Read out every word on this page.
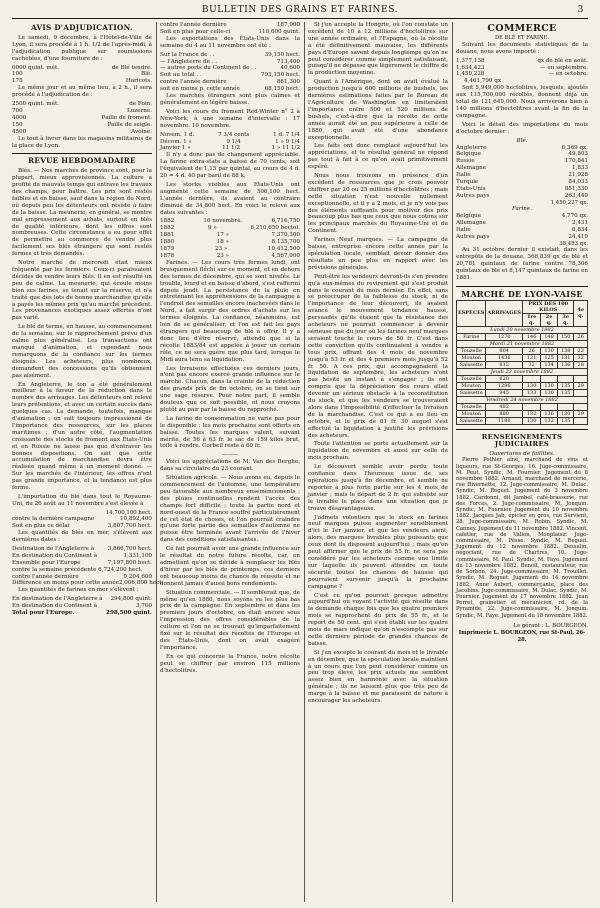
BULLETIN DES GRAINS ET FARINES.	3
AVIS D'ADJUDICATION.

Le samedi, 9 décembre, à l'Hôtel-de-Ville de Lyon, il sera procédé à 1 h. 1/2 de l'après-midi, à l'adjudication publique sur soumissions cachetées, d'une fourniture de :

6000 quint. mét.	de Blé tendre.
100	Blé.
175	Haricots.

Le même jour et au même lieu, à 2 h., il sera procédé à l'adjudication de :

2500 quint. mét.	de Foin.
700	Luzerne.
4000	Paille de froment.
150	Paille de seigle.
4500	Avoine.

Le tout à livrer dans les magasins militaires de la place de Lyon.

REVUE HEBDOMADAIRE

Blés. — Nos marchés de province sont, pour la plupart, mieux approvisionnés. La culture a profité du mauvais temps qui entrave les travaux des champs, pour battre. Les prix sont restés faibles et en baisse, sauf dans la région du Nord, où depuis peu les détenteurs ont résisté à faire de la baisse. La meunerie, en général, se montre mal empressement aux achats, surtout en blés de qualité inférieure, dont les offres sont nombreuses. Cette circonstance a eu pour effet de permettre au commerce de vendre plus facilement ses blés étrangers qui sont restés fermes et très demandés.

Notre marché de mercredi était mieux fréquenté par les fermiers. Ceux-ci paraissaient décidés de vendre leurs blés. Il en est résulté un peu de calme. La meunerie, qui écoule moins bien ses farines, se tenait sur la réserve, et n'a traité que des lots de bonne marchandise qu'elle a payés les mêmes prix qu'au marché précédent. Les provenances exotiques assez offertes n'ont pas varié.

Le blé de terme, en hausse, au commencement de la semaine, sur le rapprochement prévu d'un calme plus généralisé. Les transactions ont manqué d'animation, et cependant nous remarquons de la confiance sur les termes éloignés. Les acheteurs, plus nombreux, demandent des concessions qu'ils obtiennent pas aisément.

En Angleterre, le ton a été généralement meilleur à la faveur de la réduction dans le nombre des arrivages. Les détenteurs ont relevé leurs prétentions, et avec un certain succès dans quelques cas. La demande, toutefois, manque d'animation ; on sait toujours impressionné de l'importance des ressources, sur les places maritimes ; d'un autre côté, l'augmentation croissante des stocks de froment aux Etats-Unis et en Russie ne laisse pas que d'entraver les bonnes dispositions. On sait que cette accumulation de marchandise devra être réalisée quand même à un moment donné. — Sur les marchés de l'intérieur, les offres n'ont pas grande importance, et la tendance est plus ferme.

L'importation du blé dans tout le Royaume-Uni, du 26 août au 11 novembre s'est élevée à

14,700,100 hect.
contre la dernière campagne	10,892,400
Soit en plus ce délai	3,807,700 hect.

Les quantités de blés en mer, s'élèvent aux dernières dates :

Destination de l'Angleterre à 3,866,700 hect.
En destination du Continent à	1,331,100
Ensemble pour l'Europe	7,197,800 hect.
contre la semaine précédente 6,724,200 hect.
contre l'année dernière	9,204,600
Différence en moins pour cette année 2,006,800 hect.

Les quantités de farines en mer s'élèvent :

En destination de l'Angleterre à 294,800 quint.
En destination du Continent à	3,700
Total pour l'Europe.	298,500 quint.
contre l'année dernière	187,900
Soit en plus pour celle-ci	110,600 quint.

Les exportations des États-Unis dans la semaine du 4 au 11 novembre ont été :

Sur la France de . .	39,150 hect.
— l'Angleterre de . .	713,400
— autres ports du Continent de . .	40,600
Soit au total . .	793,150 hect.
contre l'année dernière	861,300
soit en moins p. cette année	68,150 hect.

Les marchés étrangers sont plus calmes et généralement en légère baisse.

Voici les cours du froment Red-Winter n° 2 à New-York, à une semaine d'intervalle : 17 novembre. 10 novembre.

Novem. 1 d.	7 3/4 cents	1 d. 7 1/4
Décem. 1 »	9 1/4	1 » 9 1/4
Janvier 1 »	11 1/2	1 » 11 1/2

Il n'y a donc pas de changement appréciable. La farine extra-state a baissé de 70 cents, soit l'équivalent de 1,15 par quintal, au cours de 4 d. 20 = 4 d. 40 par baril de 88 k.

Les stocks visibles aux Etats-Unis ont augmenté cette semaine de 506,100 hect. L'année dernière, ils avaient au contraire diminué de 34,800 hect. En voici le relevé aux dates suivantes :

1882	16 novembre.	6,716,750
1882	9 »	6,210,650 hectol.
1881	17 »	7,370,300
1880	18 »	8,135,700
1879	23 »	10,412,500
1878	23 »	4,567,000

Farines. — Les cours très fermes lundi, ont brusquement fléchi sur ce moment, et en dehors des termes de décembre, qui se sont nivelés. Le trouble, lourd et en baisse d'abord, s'est raffermi depuis jeudi. La persistance de la pluie en entretenant les appréhensions de la campagne à l'endroit des semailles encore inachevées dans le Nord, a fait surgir des ordres d'achats sur les termes éloignés. La confiance, néanmoins, est loin de se généraliser, et l'on est fait les pays étrangers qui beaucoup de blé à offrir. Il y a donc lieu d'être réservé, attendu que si la récolte 1883/84 est appelée à jouer un certain rôle, ce ne sera guère que plus tard, lorsque le Midi aura tenu sa liquidation.

Les livraisons effectuées ces derniers jours, n'ont pas encore exercé grande influence sur le marché. Chacun, dans la crainte de la réduction des grands prix de fin octobre, on se tient sur une sage réserve. Pour notre part, il semble douteux que ce soit possible, et nous croyons plutôt au pair par la baisse du rapproché.

La farine de consommation ne varie pas pour le disponible ; les mois prochains sont offerts en baisse. Toutes les marques valent, suivant mérite, de 56 à 63 fr. le sac de 159 kilos brut, toile à rendre. Corbeil reste à 60 fr.

———

Voici les appréciations de M. Van des Berghe, dans sa circulaire du 23 courant.

Situation agricole. — Nous avons eu, depuis le commencement de l'automne, une température peu favorable aux nombreux ensemencements ; des pluies continuelles rendent l'accès des champs fort difficile ; toute la partie nord et nord-ouest de la France souffre particulièrement de cet état de choses, et l'on pourrait craindre qu'une forte partie des semailles d'automne ne puisse être terminée avant l'arrivée de l'hiver dans des conditions satisfaisantes.

Ce fait pourrait avoir une grande influence sur le résultat de notre future récolte, car, en admettant qu'on se décide à remplacer les blés d'hiver par les blés de printemps, ces derniers ont beaucoup moins de chance de réussite et ne donnent jamais d'aussi bons rendements.

Situation commerciale. — Il semblerait que, de même qu'en 1880, nous soyons vu les plus bas prix de la campagne. En septembre et dans les premiers jours d'octobre, on était encore sous l'impression des offres considérables de la culture et l'on ne se trouvait qu'imparfaitement fixé sur le résultat des récoltes de l'Europe et des États-Unis, dont on avait exagéré l'importance.

En ce qui concerne la France, notre récolte peut se chiffrer par environ 115 millions d'hectolitres.

Si j'en accepte la Hongrie, où l'on constate un excédent de 10 à 12 millions d'hectolitres sur une année ordinaire, et l'Espagne, où la récolte a été définitivement mauvaise, les différents pays d'Europe savent depuis longtemps qu'on ne peut considérer comme simplement satisfaisant, puisqu'il ne dépasse que légèrement le chiffre de la production moyenne.

Quant à l'Amérique, dont on avait évalué la production jusqu'à 600 millions de bushels, les dernières estimations faites par le Bureau de l'Agriculture de Washington en limiteraient l'importance entre 500 et 520 millions de bushels, c'est-à-dire que la récolte de cette année aurait été un peu supérieure à celle de 1880, qui avait été d'une abondance exceptionnelle.

Les faits ont donc remplacé aujourd'hui les appréciations, et le résultat général ne répond pas tout à fait à ce qu'on avait primitivement espéré.

Nous nous trouvons en présence d'un excédent de ressources que je crois pouvoir chiffrer par 20 ou 25 millions d'hectolitres ; mais cette situation n'est nouvelle nullement exceptionnelle, et il y a 2 mois, et je n'y vois pas des éléments suffisants pour motiver des prix beaucoup plus bas que ceux que nous cotons sur les principaux marchés du Royaume-Uni et du Continent.

Farines Neuf marques. — La campagne de baisse, entreprise encore cette année par la spéculation locale, semblait devoir donner des résultats un peu plus en rapport avec les prévisions générales.

Peut-être les vendeurs devront-ils s'en prendre qu'à eux-mêmes du revirement qui s'est produit dans le courant du mois dernier. En effet, sans se préoccuper de la faiblesse du stock, ni de l'importance de leur découvert, ils avaient avancé le mouvement tendance haussé, persuadés qu'ils étaient que la résistance des acheteurs ne pourrait commencer à devenir sérieuse que du jour où les farines neuf marques seraient touché le cours de 50 fr. C'est dans cette conviction qu'ils continuaient à vendre à tous prix, offrant des 4 mois de novembre jusqu'à 53 fr. et des 4 premiers mois jusqu'à 52 fr. 50. A ces prix, qui accompagnaient la liquidation de septembre, les acheteurs n'ont pas hésité un instant à s'engager ; ils ont compris que la dépréciation des cours allait devenir un sérieux obstacle à la reconstitution du stock, et que les vendeurs se trouveraient alors dans l'impossibilité d'effectuer la livraison de la marchandise. C'est ce qui a eu lieu en octobre, et le prix de 61 fr. 30 auquel s'est effectué la liquidation à justifié les prévisions des acheteurs.

Toute l'attention se porte actuellement sur la liquidation de novembre et aussi sur celle du mois prochain.

Le découvert semble avoir perdu toute confiance dans l'heureuse issue de ses opérations jusqu'à fin décembre, et semble ne reporter à plus forte partie sur les 4 mois de janvier ; mais le départ de 2 fr. qui subsiste sur le livrable le place dans une situation que je trouve désavantageuse.

J'admets volontiers que le stock en farines neuf marques puisse augmenter sensiblement d'ici le 1er janvier, et que les vendeurs aient, alors, des marques livrables plus puissants que ceux dont ils disposent aujourd'hui ; mais qu'on peut affirmer que le prix de 55 fr. ne sera pas considéré par les acheteurs comme une limite sur laquelle ils peuvent attendre en toute sécurité toutes les chances de hausse qui pourraient survenir jusqu'à la prochaine campagne ?

C'est ce qu'on pourrait presque admettre aujourd'hui où voyant l'activité qui résulte dans la demande chaque fois que les quatre premiers mois se rapprochent du prix de 55 fr., et le report de 50 cent. qui s'est établi sur les quatre mois de mars indique qu'on n'escompte pas sur cette dernière période de grandes chances de baisse.

Si j'en excepte le courant du mois et le livrable en décembre, que la spéculation locale maintient à un cours que l'on peut considérer comme un peu trop élevé, les prix actuels me semblent assez bien en harmonie avec la situation générale ; ils ne laissent plus que très peu de marge à la baisse et me paraissent de nature à encourager les acheteurs.

COMMERCE
DE BLÉ ET FARINE.

Suivant les documents statistiques de la douane, nous avons importé :

1,377,138	qx de blé en août.
1,634,423	— en septembre.
1,450,228	— en octobre.
4,461,790 qx

Soit 5,949,000 hectolitres, lesquels, ajoutés aux 115,700,000 récoltés, donnent déjà un total de 121,649,000. Nous arriverons bien à 140 millions d'hectolitres avant la fin de la campagne.

Voici le détail des importations du mois d'octobre dernier :

Blé.
Angleterre	6,369 qx.
Belgique	49,803
Russie	170,841
Allemagne	1,833
Italie	21,928
Turquie	84,033
États-Unis	851,330
Autres pays	263,449
1,450,227 qx.
Farine.
Belgique	4,770 qx.
Allemagne	2,431
Italie	6,834
Autres pays	24,419
38,483 qx.

Au 31 octobre dernier il existait, dans les entrepôts de la douane, 368,839 qx de blé et 20,781 quintaux de farine contre 78,306 quintaux de blé et 8,147 quintaux de farine en 1881.

MARCHÉ DE LYON-VAISE
ESPÈCES	ARRIVAGES	PRIX DES 100 KILOS			4e q.
		1re q.	2e q.	3e q.	
Lundi 20 novembre 1882					
Farine	1270	146	148	150	26
Mardi 21 novembre 1882					
Touzelle	804	26	130	138	22
Mouton	1436	121	125	131	32
Saissette	812	32	134	136	28
Jeudi 23 novembre 1882					
Touzelle	620				
Mouton	1286	130	130	135	29
Saissette	945	133	130	135	
Vendredi 24 novembre 1882					
Touzelle	482				
Mouton	880	132	136	130	29
Saissette	1180	130	132	135	
RENSEIGNEMENTS JUDICIAIRES
Ouvertures de faillites.

Pierre Pothier aîné, marchand de vins et liqueurs, rue St-Georges, 16. Juge-commissaire, M. Peut. Syndic, M. Fournier. Jugement du 8 novembre 1882. Arnaud, marchand de mercerie, rue Bivernette, 12. Juge-commissaire, M. Dulac. Syndic, M. Reguet. Jugement du 3 novembre 1882. Cardonni, dit Jambel, café-brasserie, rue des Forces, 2. Juge-commissaire, M. Jonquin. Syndic, M. Fournier. Jugement du 10 novembre 1882. Jacques Jab, épicier en gros, rue Servient, 28. Juge-commissaire, M. Robin. Syndic, M. Canney. Jugement du 11 novembre 1882. Vincent, cafetier, rue de Vallon, Monplaisir. Juge-commissaire, M. Pèsse. Syndic, M. Reguet. Jugement du 12 novembre 1882. Dessalin, négociant, rue de Chartres, 10. Juge-commissaire, M. Paul. Syndic, M. Faye. Jugement du 13 novembre 1882. Benoît, restaurateur, rue de Sorbon, 24. Juge-commissaire, M. Trouillet. Syndic, M. Reguet. Jugement du 14 novembre 1882. Anne Aubert, commerçante, place des Jacobins. Juge-commissaire, M. Dulac. Syndic, M. Fournier. Jugement du 17 novembre 1882. Jean Perret, grainetier et mécanicien, rd. de la Pyramide, 22. Juge-commissaire, M. Jonquin. Syndic, M. Faye. Jugement du 18 novembre 1882.

Le gérant : L. BOURGEON.
Imprimerie L. BOURGEON, rue St-Paul, 26-28.
